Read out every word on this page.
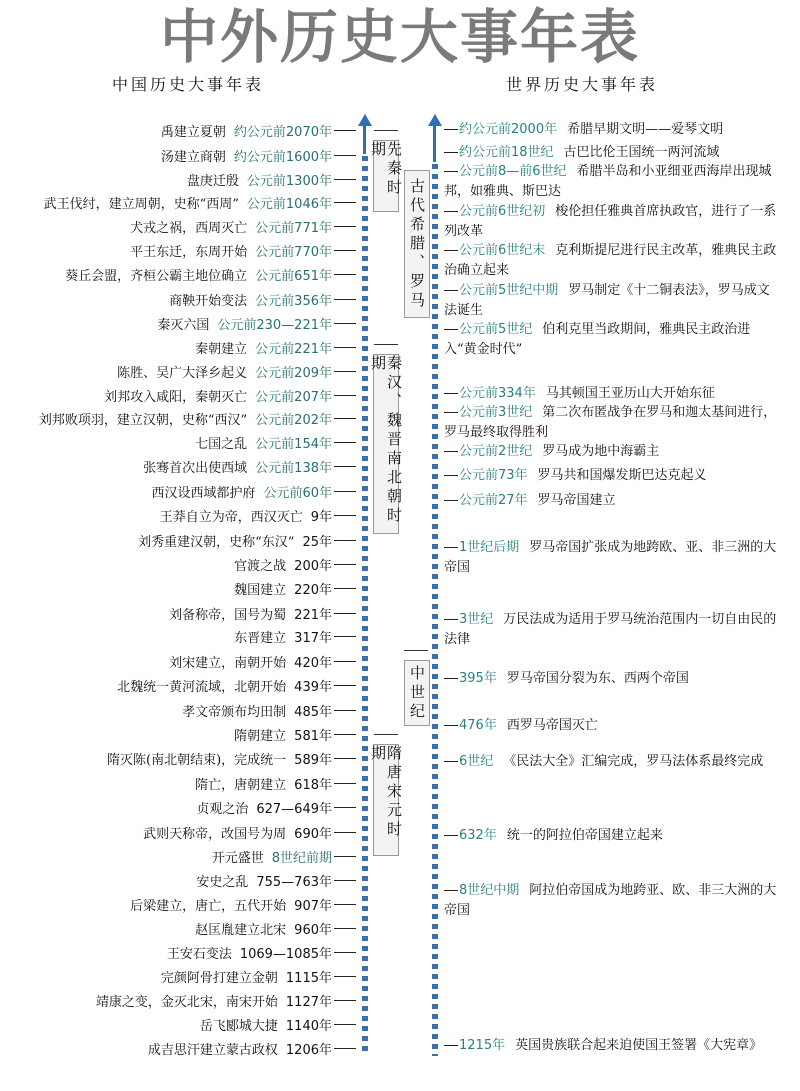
中外历史大事年表
中国历史大事年表	世界历史大事年表
先秦时期
秦汉、魏晋南北朝时期
隋唐宋元时期
古代希腊、罗马
中世纪
禹建立夏朝 约公元前2070年
汤建立商朝 约公元前1600年
盘庚迁殷 公元前1300年
武王伐纣，建立周朝，史称“西周” 公元前1046年
犬戎之祸，西周灭亡 公元前771年
平王东迁，东周开始 公元前770年
葵丘会盟，齐桓公霸主地位确立 公元前651年
商鞅开始变法 公元前356年
秦灭六国 公元前230—221年
秦朝建立 公元前221年
陈胜、吴广大泽乡起义 公元前209年
刘邦攻入咸阳，秦朝灭亡 公元前207年
刘邦败项羽，建立汉朝，史称“西汉” 公元前202年
七国之乱 公元前154年
张骞首次出使西域 公元前138年
西汉设西域都护府 公元前60年
王莽自立为帝，西汉灭亡 9年
刘秀重建汉朝，史称“东汉” 25年
官渡之战 200年
魏国建立 220年
刘备称帝，国号为蜀 221年
东晋建立 317年
刘宋建立，南朝开始 420年
北魏统一黄河流域，北朝开始 439年
孝文帝颁布均田制 485年
隋朝建立 581年
隋灭陈(南北朝结束)，完成统一 589年
隋亡，唐朝建立 618年
贞观之治 627—649年
武则天称帝，改国号为周 690年
开元盛世 8世纪前期
安史之乱 755—763年
后梁建立，唐亡，五代开始 907年
赵匡胤建立北宋 960年
王安石变法 1069—1085年
完颜阿骨打建立金朝 1115年
靖康之变，金灭北宋，南宋开始 1127年
岳飞郾城大捷 1140年
成吉思汗建立蒙古政权 1206年
约公元前2000年 希腊早期文明——爱琴文明
约公元前18世纪 古巴比伦王国统一两河流域
公元前8—前6世纪 希腊半岛和小亚细亚西海岸出现城邦，如雅典、斯巴达
公元前6世纪初 梭伦担任雅典首席执政官，进行了一系列改革
公元前6世纪末 克利斯提尼进行民主改革，雅典民主政治确立起来
公元前5世纪中期 罗马制定《十二铜表法》，罗马成文法诞生
公元前5世纪 伯利克里当政期间，雅典民主政治进入“黄金时代”
公元前334年 马其顿国王亚历山大开始东征
公元前3世纪 第二次布匿战争在罗马和迦太基间进行，罗马最终取得胜利
公元前2世纪 罗马成为地中海霸主
公元前73年 罗马共和国爆发斯巴达克起义
公元前27年 罗马帝国建立
1世纪后期 罗马帝国扩张成为地跨欧、亚、非三洲的大帝国
3世纪 万民法成为适用于罗马统治范围内一切自由民的法律
395年 罗马帝国分裂为东、西两个帝国
476年 西罗马帝国灭亡
6世纪 《民法大全》汇编完成，罗马法体系最终完成
632年 统一的阿拉伯帝国建立起来
8世纪中期 阿拉伯帝国成为地跨亚、欧、非三大洲的大帝国
1215年 英国贵族联合起来迫使国王签署《大宪章》
